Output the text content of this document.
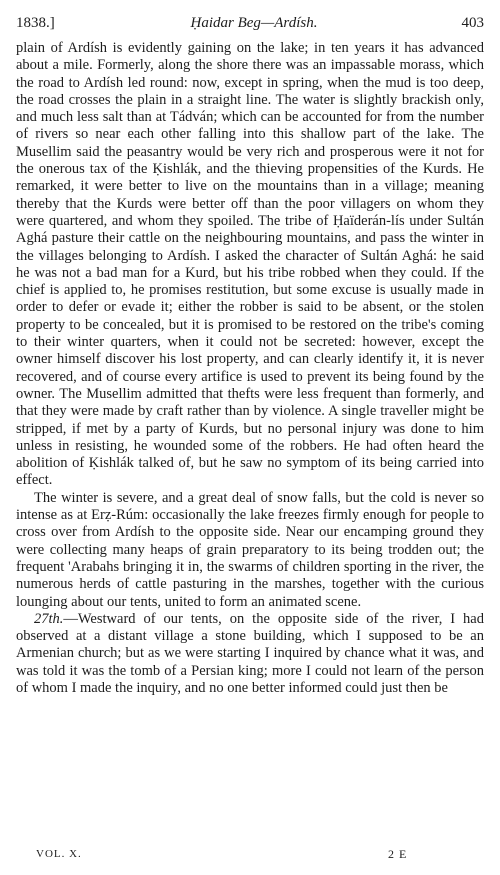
1838.]	Ḥaidar Beg—Ardísh.	403

plain of Ardísh is evidently gaining on the lake; in ten years it has advanced about a mile. Formerly, along the shore there was an impassable morass, which the road to Ardísh led round: now, except in spring, when the mud is too deep, the road crosses the plain in a straight line. The water is slightly brackish only, and much less salt than at Tádván; which can be accounted for from the number of rivers so near each other falling into this shallow part of the lake. The Musellim said the peasantry would be very rich and prosperous were it not for the onerous tax of the Ḳishlák, and the thieving propensities of the Kurds. He remarked, it were better to live on the mountains than in a village; meaning thereby that the Kurds were better off than the poor villagers on whom they were quartered, and whom they spoiled. The tribe of Ḥaïderán-lís under Sultán Aghá pasture their cattle on the neighbouring mountains, and pass the winter in the villages belonging to Ardísh. I asked the character of Sultán Aghá: he said he was not a bad man for a Kurd, but his tribe robbed when they could. If the chief is applied to, he promises restitution, but some excuse is usually made in order to defer or evade it; either the robber is said to be absent, or the stolen property to be concealed, but it is promised to be restored on the tribe's coming to their winter quarters, when it could not be secreted: however, except the owner himself discover his lost property, and can clearly identify it, it is never recovered, and of course every artifice is used to prevent its being found by the owner. The Musellim admitted that thefts were less frequent than formerly, and that they were made by craft rather than by violence. A single traveller might be stripped, if met by a party of Kurds, but no personal injury was done to him unless in resisting, he wounded some of the robbers. He had often heard the abolition of Ḳishlák talked of, but he saw no symptom of its being carried into effect.

The winter is severe, and a great deal of snow falls, but the cold is never so intense as at Erẓ-Rúm: occasionally the lake freezes firmly enough for people to cross over from Ardísh to the opposite side. Near our encamping ground they were collecting many heaps of grain preparatory to its being trodden out; the frequent 'Arabahs bringing it in, the swarms of children sporting in the river, the numerous herds of cattle pasturing in the marshes, together with the curious lounging about our tents, united to form an animated scene.

27th.—Westward of our tents, on the opposite side of the river, I had observed at a distant village a stone building, which I supposed to be an Armenian church; but as we were starting I inquired by chance what it was, and was told it was the tomb of a Persian king; more I could not learn of the person of whom I made the inquiry, and no one better informed could just then be

VOL. X.	2 E
